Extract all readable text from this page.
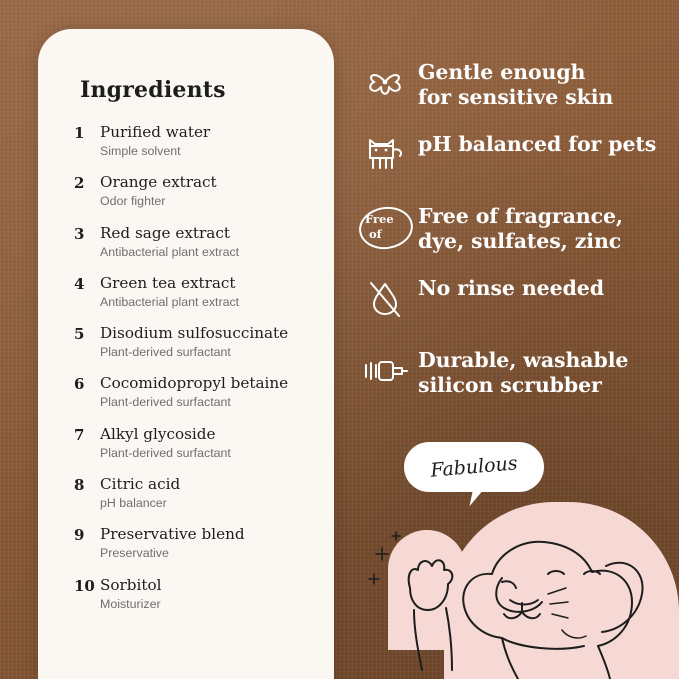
Ingredients
1	Purified water
Simple solvent
2	Orange extract
Odor fighter
3	Red sage extract
Antibacterial plant extract
4	Green tea extract
Antibacterial plant extract
5	Disodium sulfosuccinate
Plant-derived surfactant
6	Cocomidopropyl betaine
Plant-derived surfactant
7	Alkyl glycoside
Plant-derived surfactant
8	Citric acid
pH balancer
9	Preservative blend
Preservative
10 Sorbitol
Moisturizer
Gentle enough
for sensitive skin
pH balanced for pets
Free
of
Free of fragrance,
dye, sulfates, zinc
No rinse needed
Durable, washable
silicon scrubber
Fabulous
